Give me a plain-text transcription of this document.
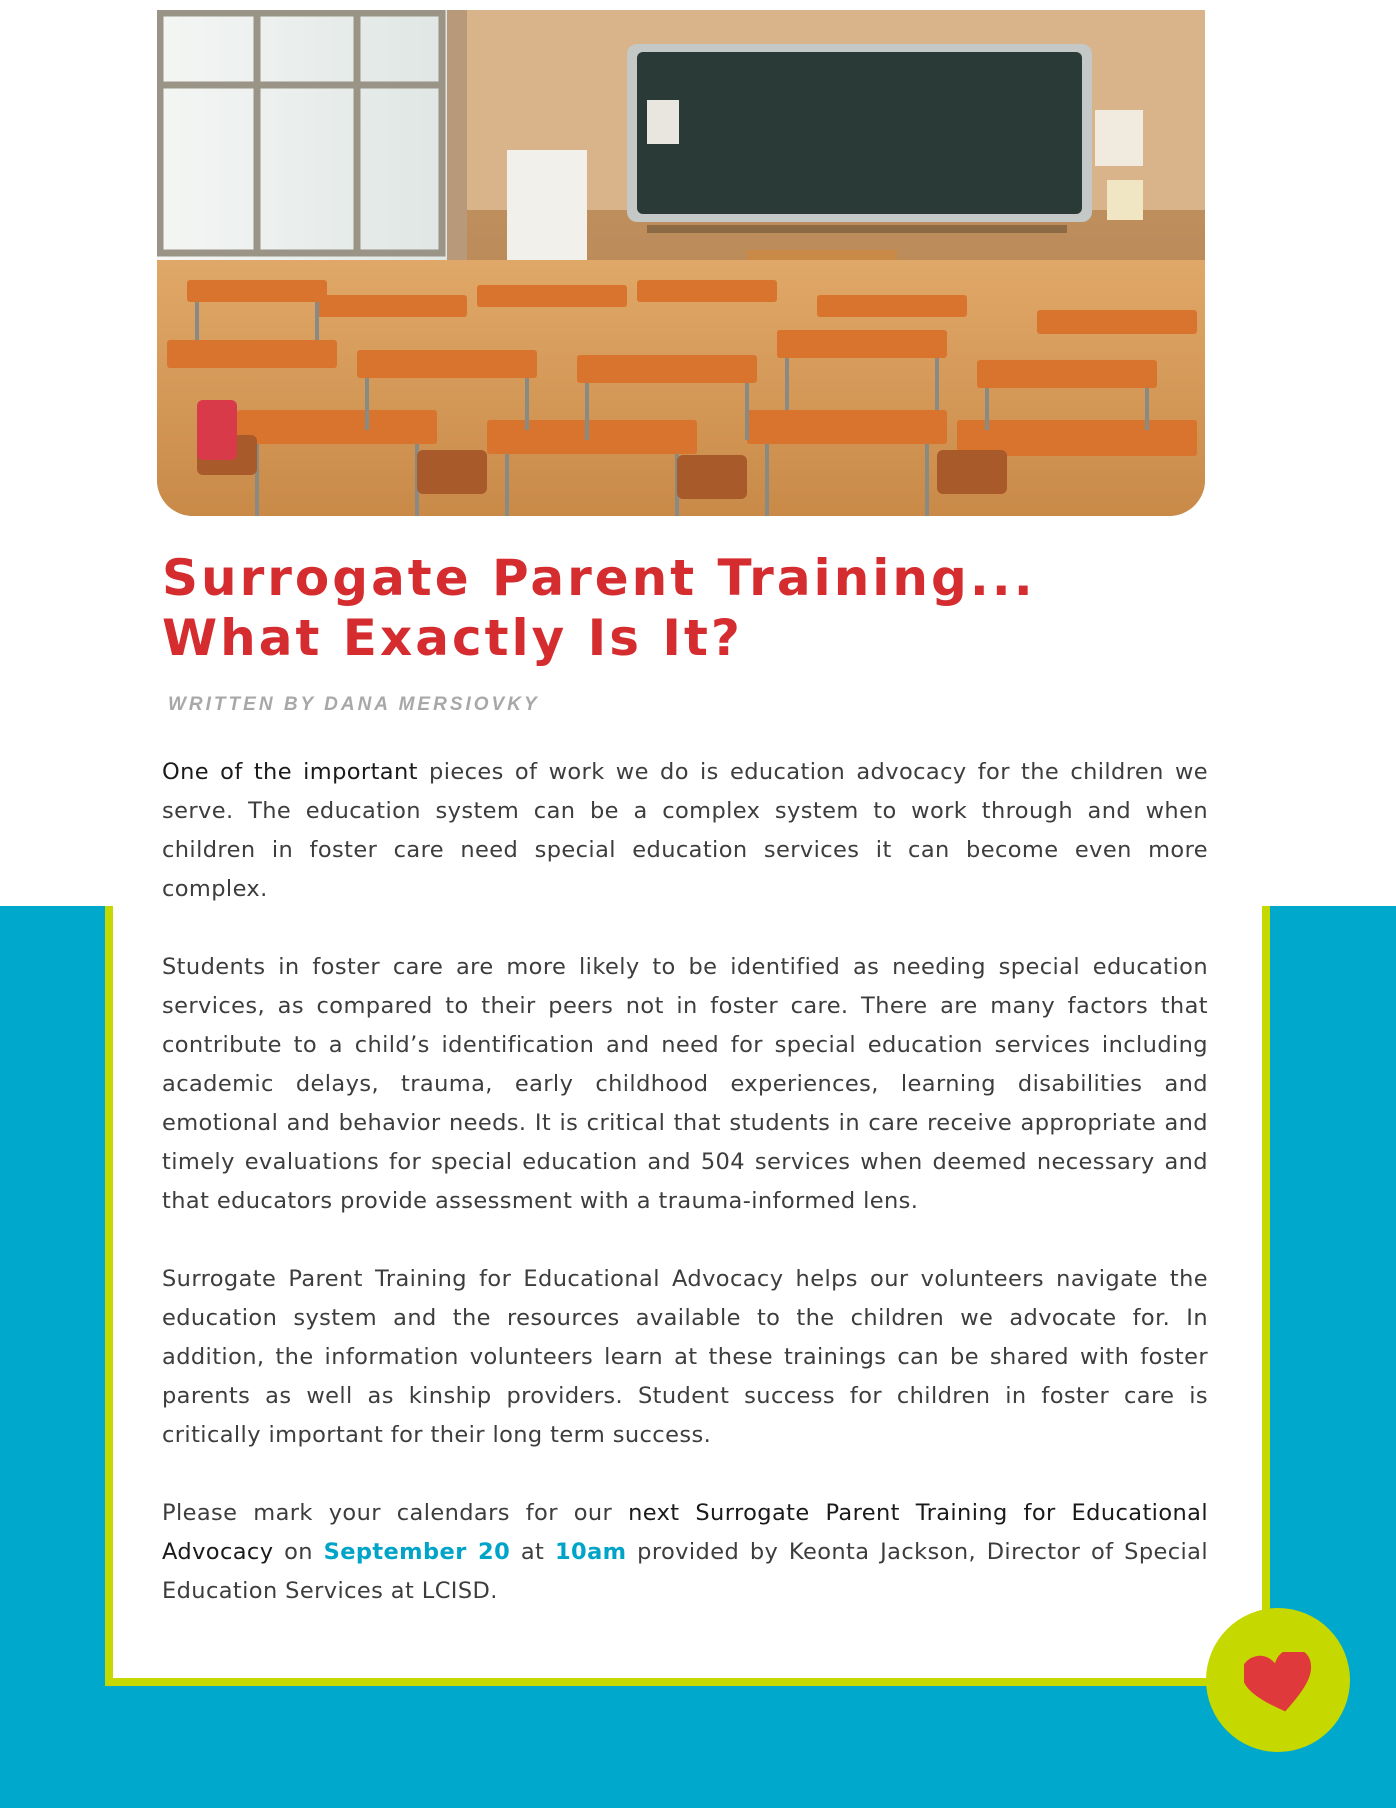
Surrogate Parent Training...
What Exactly Is It?
WRITTEN BY DANA MERSIOVKY

One of the important pieces of work we do is education advocacy for the children we serve. The education system can be a complex system to work through and when children in foster care need special education services it can become even more complex.

Students in foster care are more likely to be identified as needing special education services, as compared to their peers not in foster care. There are many factors that contribute to a child’s identification and need for special education services including academic delays, trauma, early childhood experiences, learning disabilities and emotional and behavior needs. It is critical that students in care receive appropriate and timely evaluations for special education and 504 services when deemed necessary and that educators provide assessment with a trauma-informed lens.

Surrogate Parent Training for Educational Advocacy helps our volunteers navigate the education system and the resources available to the children we advocate for. In addition, the information volunteers learn at these trainings can be shared with foster parents as well as kinship providers. Student success for children in foster care is critically important for their long term success.

Please mark your calendars for our next Surrogate Parent Training for Educational Advocacy on September 20 at 10am provided by Keonta Jackson, Director of Special Education Services at LCISD.
